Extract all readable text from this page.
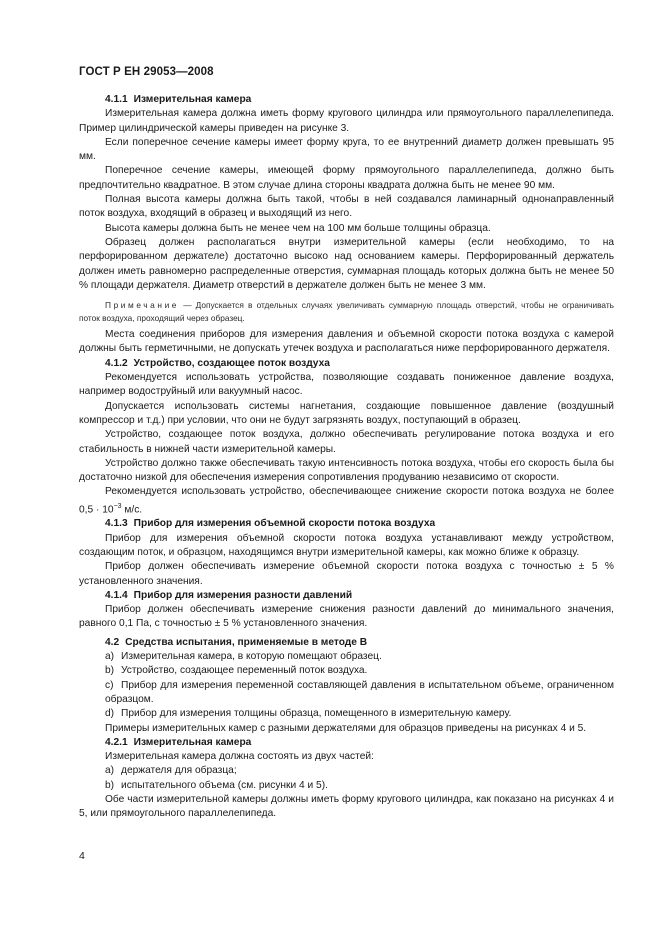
ГОСТ Р ЕН 29053—2008

4.1.1 Измерительная камера

Измерительная камера должна иметь форму кругового цилиндра или прямоугольного параллелепипеда. Пример цилиндрической камеры приведен на рисунке 3.

Если поперечное сечение камеры имеет форму круга, то ее внутренний диаметр должен превышать 95 мм.

Поперечное сечение камеры, имеющей форму прямоугольного параллелепипеда, должно быть предпочтительно квадратное. В этом случае длина стороны квадрата должна быть не менее 90 мм.

Полная высота камеры должна быть такой, чтобы в ней создавался ламинарный однонаправленный поток воздуха, входящий в образец и выходящий из него.

Высота камеры должна быть не менее чем на 100 мм больше толщины образца.

Образец должен располагаться внутри измерительной камеры (если необходимо, то на перфорированном держателе) достаточно высоко над основанием камеры. Перфорированный держатель должен иметь равномерно распределенные отверстия, суммарная площадь которых должна быть не менее 50 % площади держателя. Диаметр отверстий в держателе должен быть не менее 3 мм.

Примечание — Допускается в отдельных случаях увеличивать суммарную площадь отверстий, чтобы не ограничивать поток воздуха, проходящий через образец.

Места соединения приборов для измерения давления и объемной скорости потока воздуха с камерой должны быть герметичными, не допускать утечек воздуха и располагаться ниже перфорированного держателя.

4.1.2 Устройство, создающее поток воздуха

Рекомендуется использовать устройства, позволяющие создавать пониженное давление воздуха, например водоструйный или вакуумный насос.

Допускается использовать системы нагнетания, создающие повышенное давление (воздушный компрессор и т.д.) при условии, что они не будут загрязнять воздух, поступающий в образец.

Устройство, создающее поток воздуха, должно обеспечивать регулирование потока воздуха и его стабильность в нижней части измерительной камеры.

Устройство должно также обеспечивать такую интенсивность потока воздуха, чтобы его скорость была бы достаточно низкой для обеспечения измерения сопротивления продуванию независимо от скорости.

Рекомендуется использовать устройство, обеспечивающее снижение скорости потока воздуха не более $0,5 \cdot 10^{-3}$ м/с.

4.1.3 Прибор для измерения объемной скорости потока воздуха

Прибор для измерения объемной скорости потока воздуха устанавливают между устройством, создающим поток, и образцом, находящимся внутри измерительной камеры, как можно ближе к образцу.

Прибор должен обеспечивать измерение объемной скорости потока воздуха с точностью ± 5 % установленного значения.

4.1.4 Прибор для измерения разности давлений

Прибор должен обеспечивать измерение снижения разности давлений до минимального значения, равного 0,1 Па, с точностью ± 5 % установленного значения.

4.2 Средства испытания, применяемые в методе В

a) Измерительная камера, в которую помещают образец.

b) Устройство, создающее переменный поток воздуха.

c) Прибор для измерения переменной составляющей давления в испытательном объеме, ограниченном образцом.

d) Прибор для измерения толщины образца, помещенного в измерительную камеру.

Примеры измерительных камер с разными держателями для образцов приведены на рисунках 4 и 5.

4.2.1 Измерительная камера

Измерительная камера должна состоять из двух частей:

a) держателя для образца;

b) испытательного объема (см. рисунки 4 и 5).

Обе части измерительной камеры должны иметь форму кругового цилиндра, как показано на рисунках 4 и 5, или прямоугольного параллелепипеда.

4
